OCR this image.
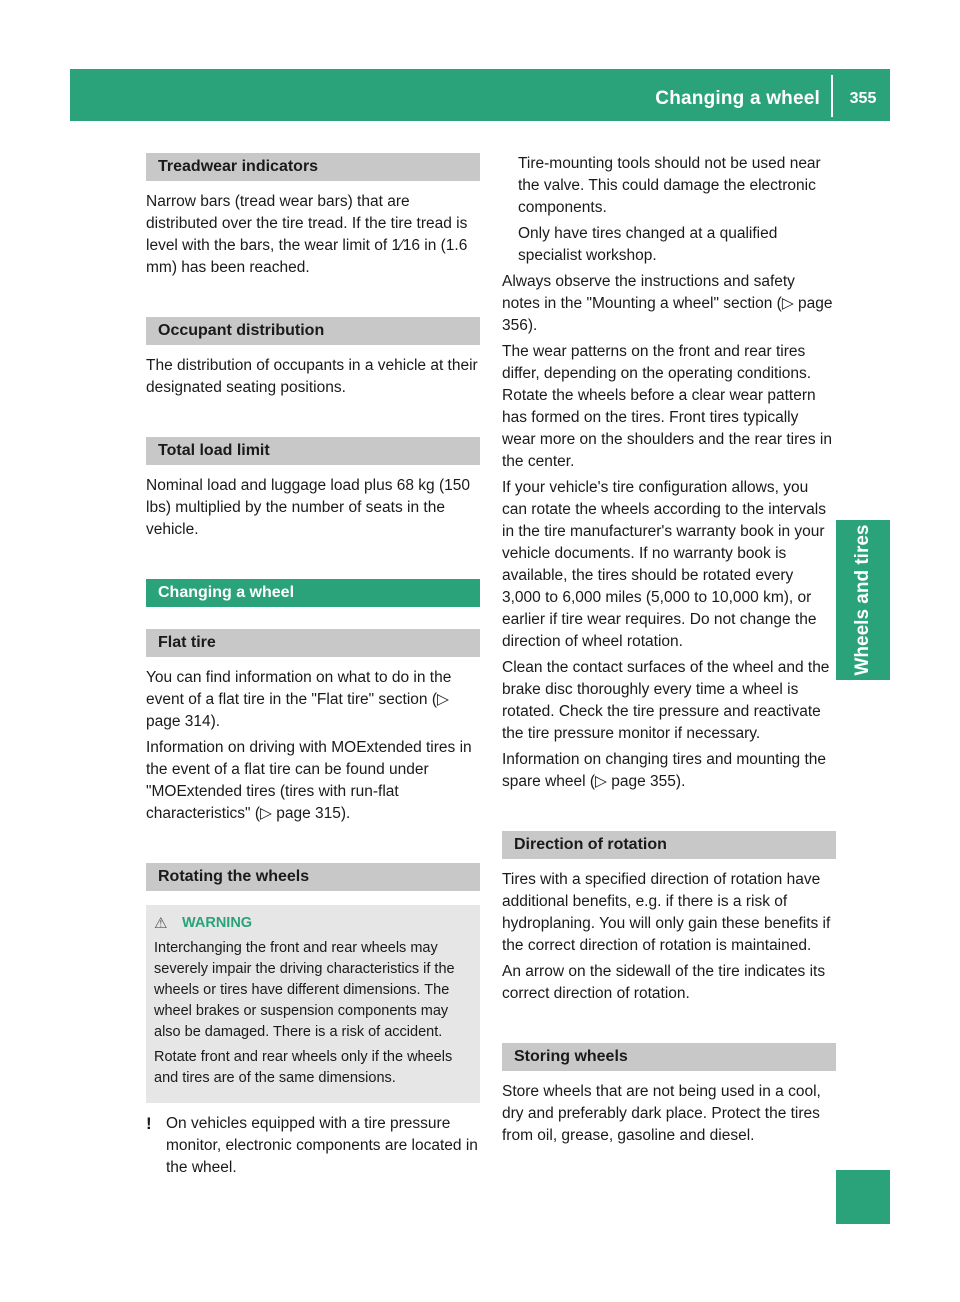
Changing a wheel	355
Wheels and tires
Treadwear indicators

Narrow bars (tread wear bars) that are distributed over the tire tread. If the tire tread is level with the bars, the wear limit of 1⁄16 in (1.6 mm) has been reached.

Occupant distribution

The distribution of occupants in a vehicle at their designated seating positions.

Total load limit

Nominal load and luggage load plus 68 kg (150 lbs) multiplied by the number of seats in the vehicle.

Changing a wheel
Flat tire

You can find information on what to do in the event of a flat tire in the "Flat tire" section (▷ page 314).

Information on driving with MOExtended tires in the event of a flat tire can be found under "MOExtended tires (tires with run-flat characteristics" (▷ page 315).

Rotating the wheels
⚠	WARNING

Interchanging the front and rear wheels may severely impair the driving characteristics if the wheels or tires have different dimensions. The wheel brakes or suspension components may also be damaged. There is a risk of accident.

Rotate front and rear wheels only if the wheels and tires are of the same dimensions.

! On vehicles equipped with a tire pressure monitor, electronic components are located in the wheel.

Tire-mounting tools should not be used near the valve. This could damage the electronic components.

Only have tires changed at a qualified specialist workshop.

Always observe the instructions and safety notes in the "Mounting a wheel" section (▷ page 356).

The wear patterns on the front and rear tires differ, depending on the operating conditions. Rotate the wheels before a clear wear pattern has formed on the tires. Front tires typically wear more on the shoulders and the rear tires in the center.

If your vehicle's tire configuration allows, you can rotate the wheels according to the intervals in the tire manufacturer's warranty book in your vehicle documents. If no warranty book is available, the tires should be rotated every 3,000 to 6,000 miles (5,000 to 10,000 km), or earlier if tire wear requires. Do not change the direction of wheel rotation.

Clean the contact surfaces of the wheel and the brake disc thoroughly every time a wheel is rotated. Check the tire pressure and reactivate the tire pressure monitor if necessary.

Information on changing tires and mounting the spare wheel (▷ page 355).

Direction of rotation

Tires with a specified direction of rotation have additional benefits, e.g. if there is a risk of hydroplaning. You will only gain these benefits if the correct direction of rotation is maintained.

An arrow on the sidewall of the tire indicates its correct direction of rotation.

Storing wheels

Store wheels that are not being used in a cool, dry and preferably dark place. Protect the tires from oil, grease, gasoline and diesel.
